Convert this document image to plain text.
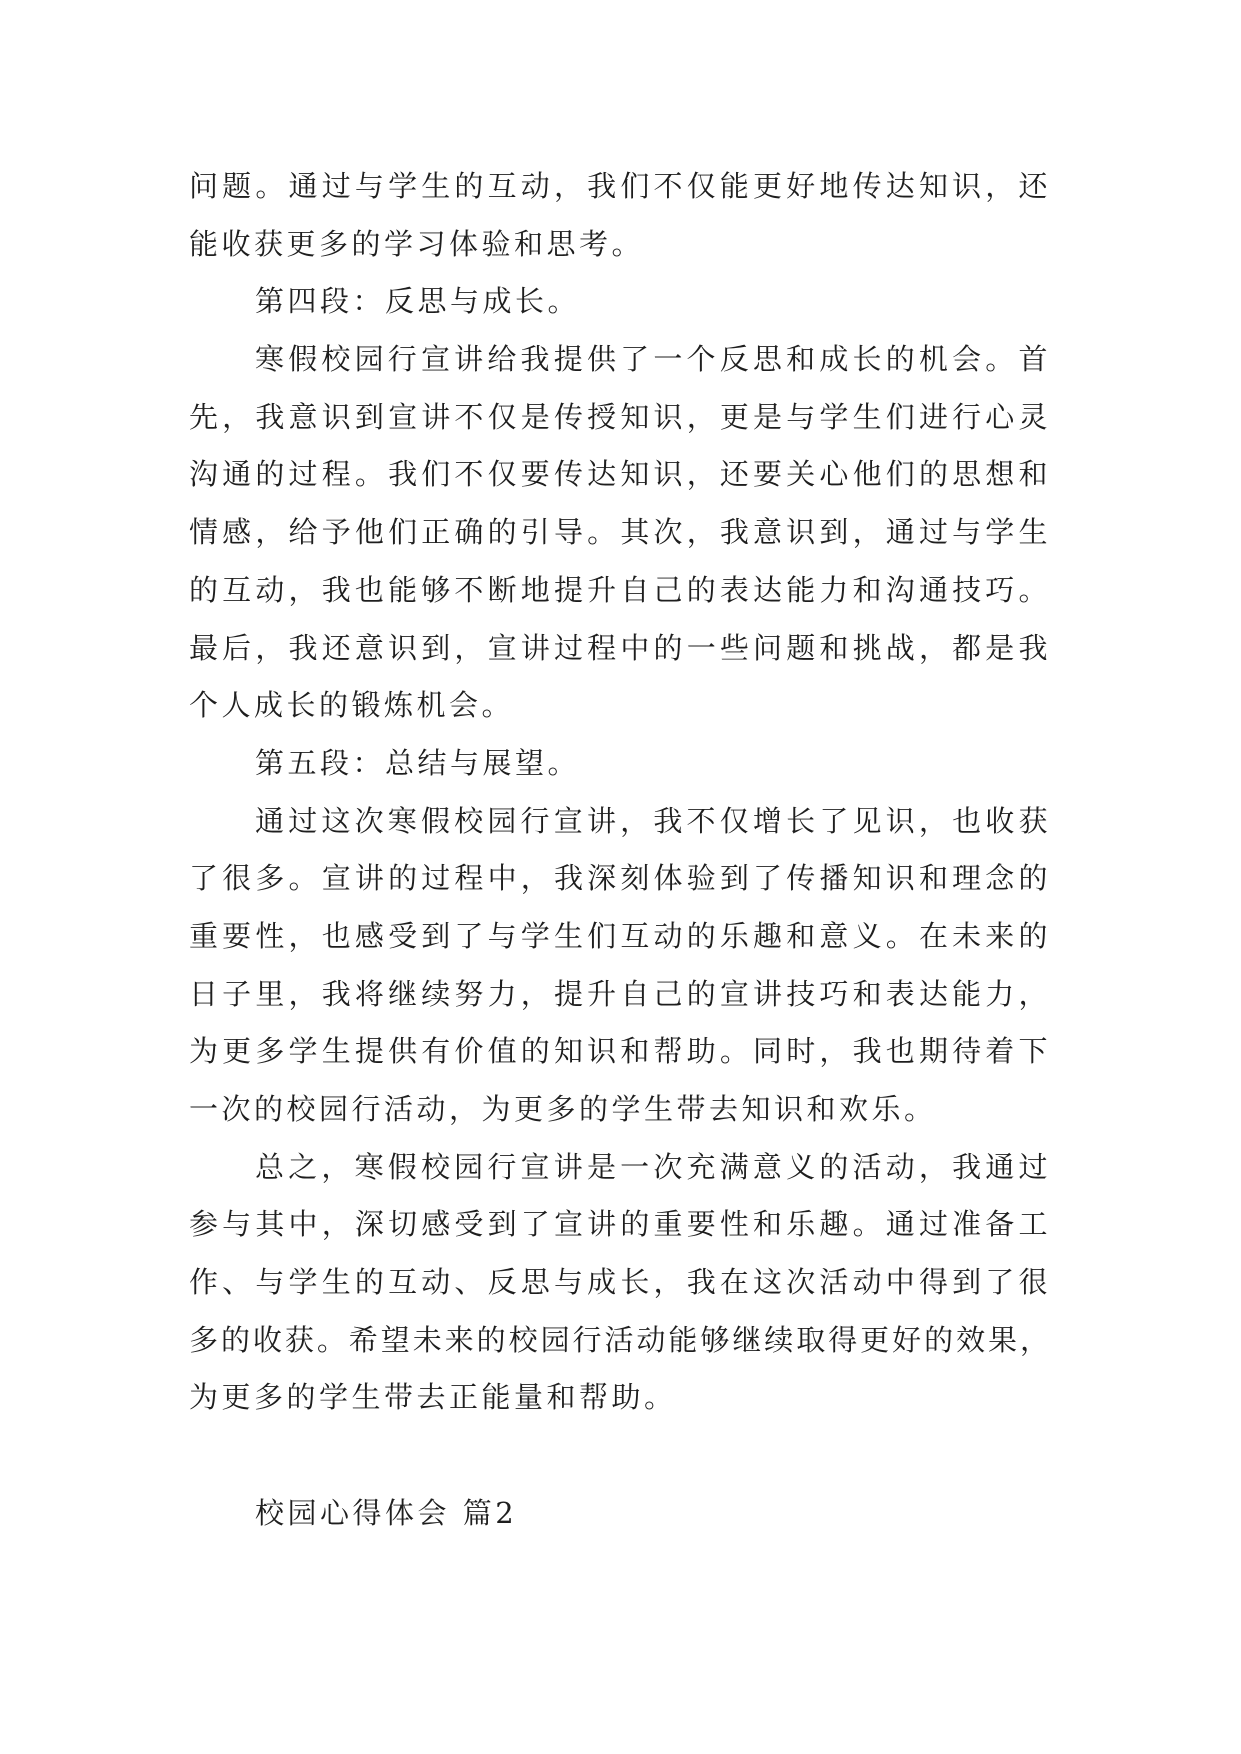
问题。通过与学生的互动，我们不仅能更好地传达知识，还
能收获更多的学习体验和思考。
第四段：反思与成长。
寒假校园行宣讲给我提供了一个反思和成长的机会。首
先，我意识到宣讲不仅是传授知识，更是与学生们进行心灵
沟通的过程。我们不仅要传达知识，还要关心他们的思想和
情感，给予他们正确的引导。其次，我意识到，通过与学生
的互动，我也能够不断地提升自己的表达能力和沟通技巧。
最后，我还意识到，宣讲过程中的一些问题和挑战，都是我
个人成长的锻炼机会。
第五段：总结与展望。
通过这次寒假校园行宣讲，我不仅增长了见识，也收获
了很多。宣讲的过程中，我深刻体验到了传播知识和理念的
重要性，也感受到了与学生们互动的乐趣和意义。在未来的
日子里，我将继续努力，提升自己的宣讲技巧和表达能力，
为更多学生提供有价值的知识和帮助。同时，我也期待着下
一次的校园行活动，为更多的学生带去知识和欢乐。
总之，寒假校园行宣讲是一次充满意义的活动，我通过
参与其中，深切感受到了宣讲的重要性和乐趣。通过准备工
作、与学生的互动、反思与成长，我在这次活动中得到了很
多的收获。希望未来的校园行活动能够继续取得更好的效果，
为更多的学生带去正能量和帮助。
校园心得体会 篇2
